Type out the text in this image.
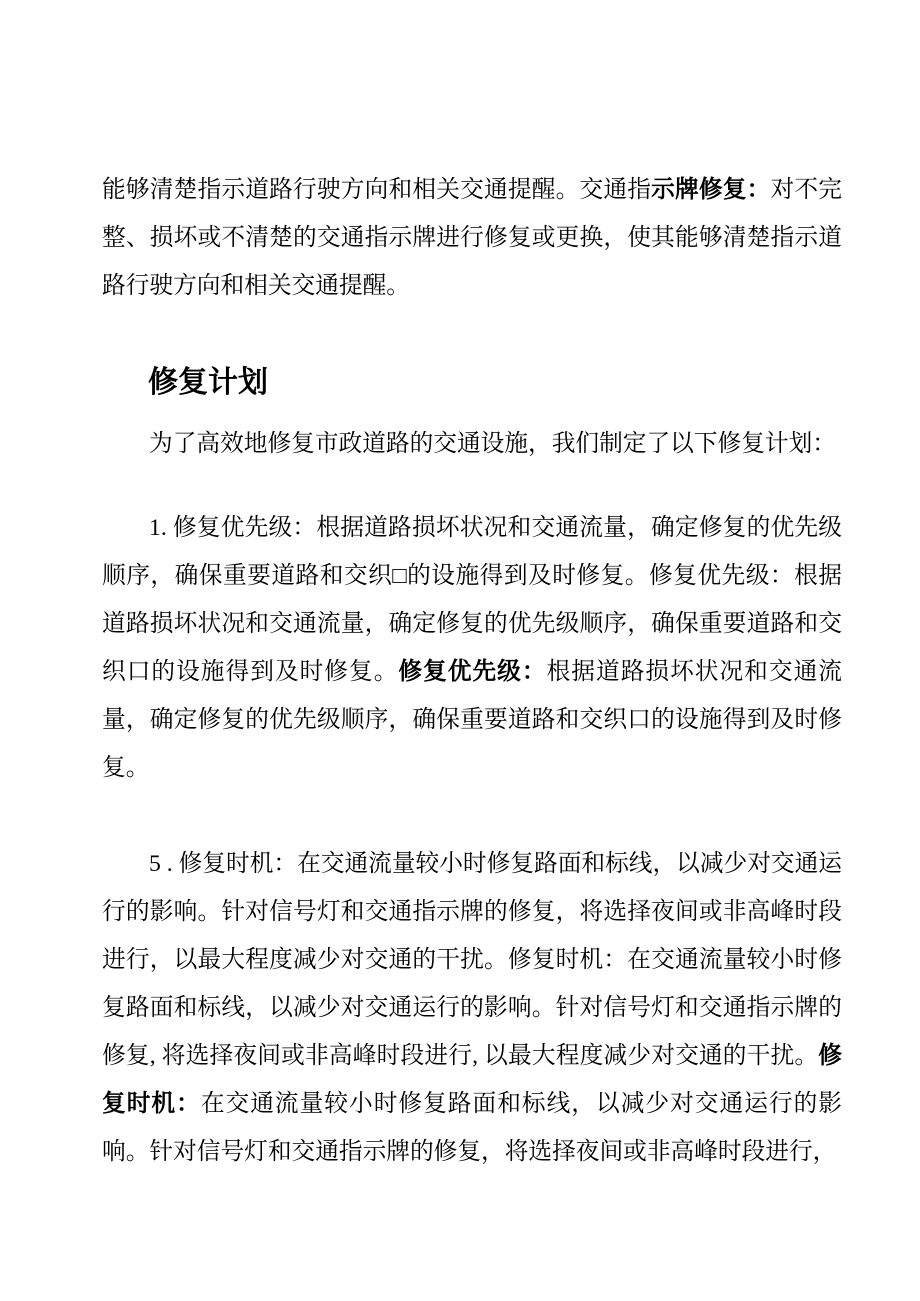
能够清楚指示道路行驶方向和相关交通提醒。交通指示牌修复：对不完整、损坏或不清楚的交通指示牌进行修复或更换，使其能够清楚指示道路行驶方向和相关交通提醒。

修复计划

为了高效地修复市政道路的交通设施，我们制定了以下修复计划：

1. 修复优先级：根据道路损坏状况和交通流量，确定修复的优先级顺序，确保重要道路和交织□的设施得到及时修复。修复优先级：根据道路损坏状况和交通流量，确定修复的优先级顺序，确保重要道路和交织口的设施得到及时修复。修复优先级：根据道路损坏状况和交通流量，确定修复的优先级顺序，确保重要道路和交织口的设施得到及时修复。

5 . 修复时机：在交通流量较小时修复路面和标线，以减少对交通运行的影响。针对信号灯和交通指示牌的修复，将选择夜间或非高峰时段进行，以最大程度减少对交通的干扰。修复时机：在交通流量较小时修复路面和标线，以减少对交通运行的影响。针对信号灯和交通指示牌的修复, 将选择夜间或非高峰时段进行, 以最大程度减少对交通的干扰。修复时机：在交通流量较小时修复路面和标线，以减少对交通运行的影响。针对信号灯和交通指示牌的修复，将选择夜间或非高峰时段进行，
